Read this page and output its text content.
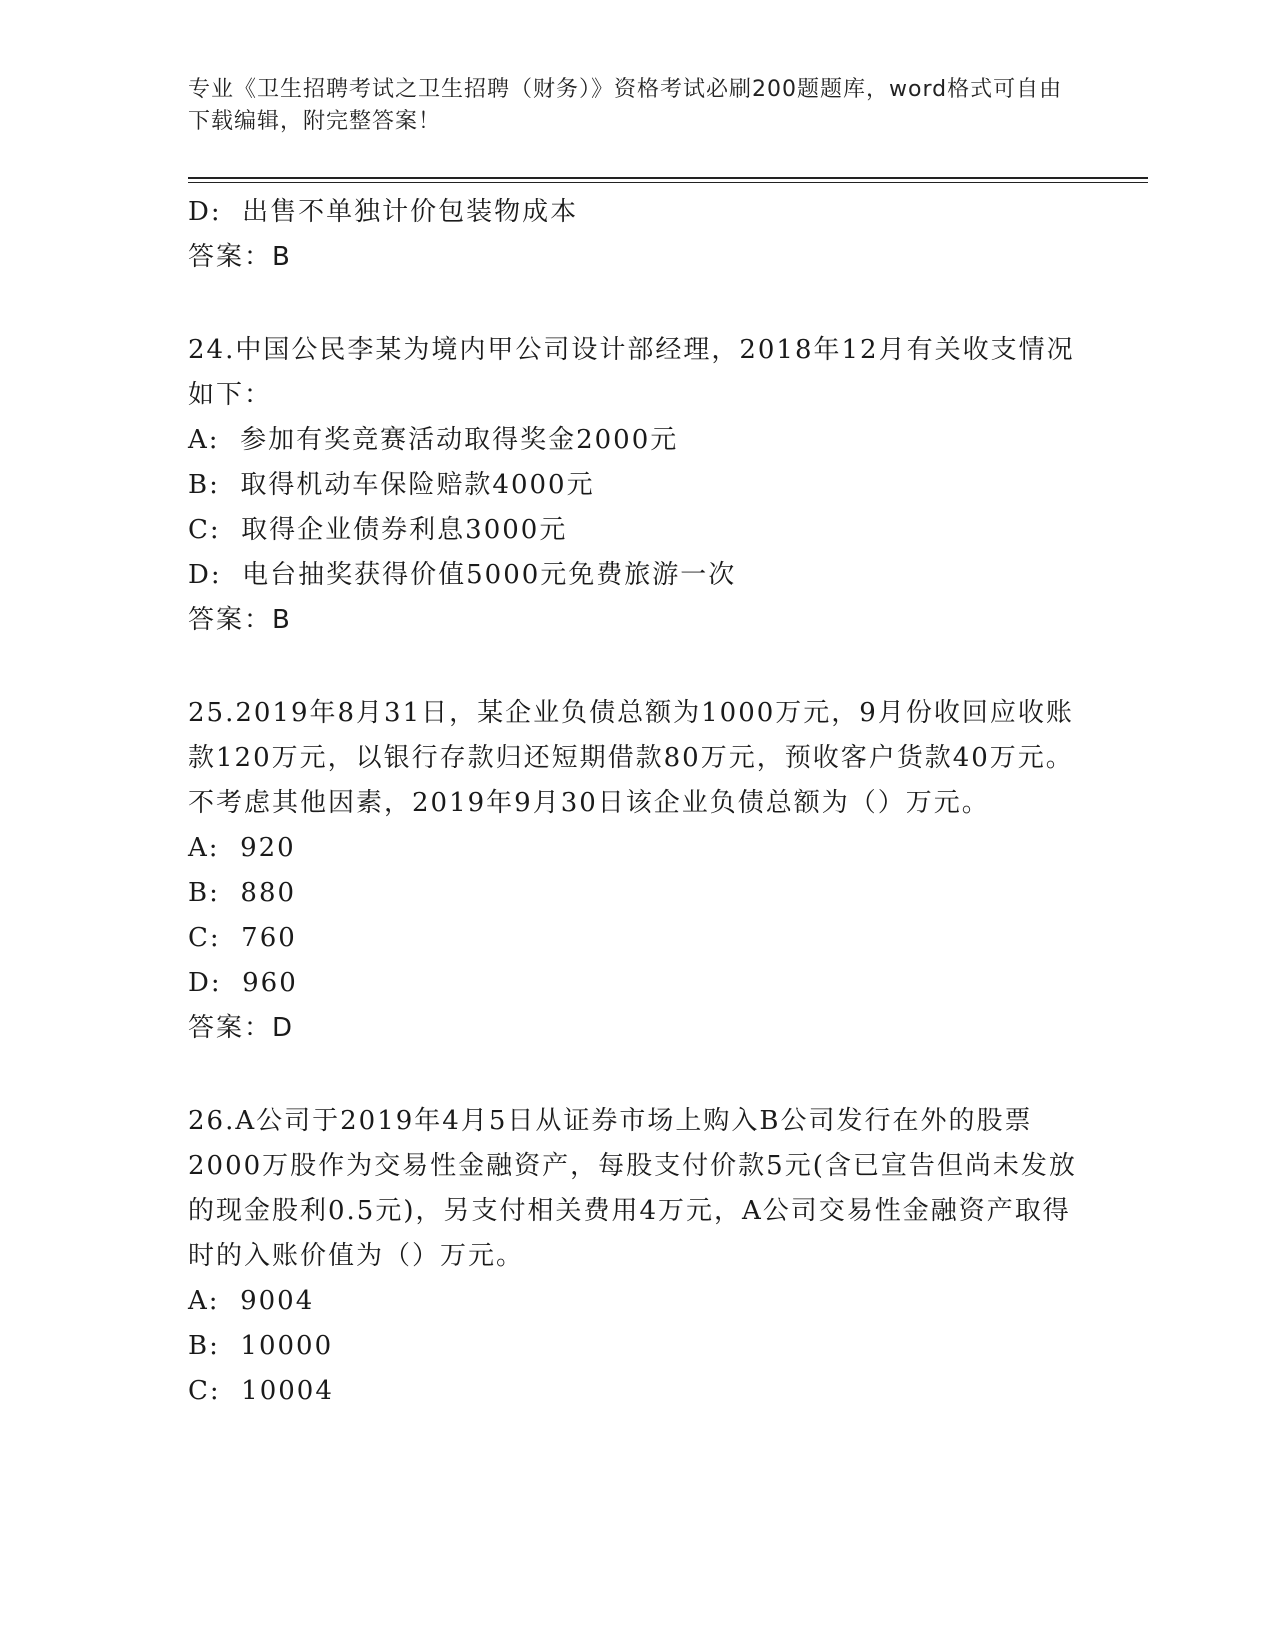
专业《卫生招聘考试之卫生招聘（财务）》资格考试必刷200题题库，word格式可自由下载编辑，附完整答案！

D:  出售不单独计价包装物成本

答案：B

24.中国公民李某为境内甲公司设计部经理，2018年12月有关收支情况如下：

A:  参加有奖竞赛活动取得奖金2000元

B:  取得机动车保险赔款4000元

C:  取得企业债券利息3000元

D:  电台抽奖获得价值5000元免费旅游一次

答案：B

25.2019年8月31日，某企业负债总额为1000万元，9月份收回应收账款120万元，以银行存款归还短期借款80万元，预收客户货款40万元。不考虑其他因素，2019年9月30日该企业负债总额为（）万元。

A:  920

B:  880

C:  760

D:  960

答案：D

26.A公司于2019年4月5日从证券市场上购入B公司发行在外的股票2000万股作为交易性金融资产，每股支付价款5元(含已宣告但尚未发放的现金股利0.5元)，另支付相关费用4万元，A公司交易性金融资产取得时的入账价值为（）万元。

A:  9004

B:  10000

C:  10004
